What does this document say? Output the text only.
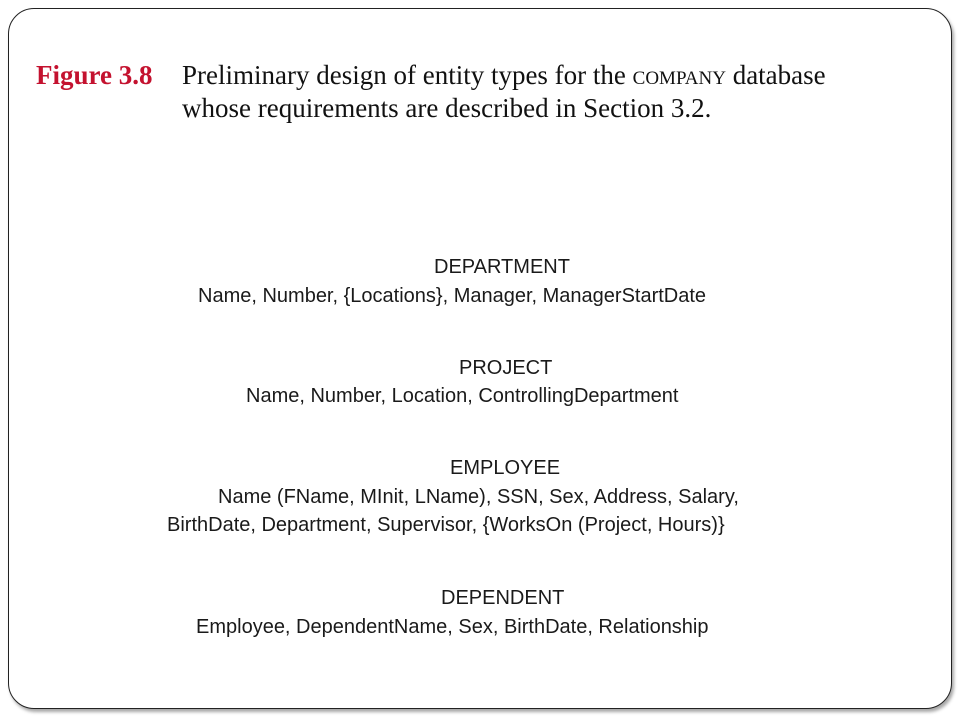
Figure 3.8 Preliminary design of entity types for the company database
whose requirements are described in Section 3.2.
DEPARTMENT
Name, Number, {Locations}, Manager, ManagerStartDate
PROJECT
Name, Number, Location, ControllingDepartment
EMPLOYEE
Name (FName, MInit, LName), SSN, Sex, Address, Salary,
BirthDate, Department, Supervisor, {WorksOn (Project, Hours)}
DEPENDENT
Employee, DependentName, Sex, BirthDate, Relationship
